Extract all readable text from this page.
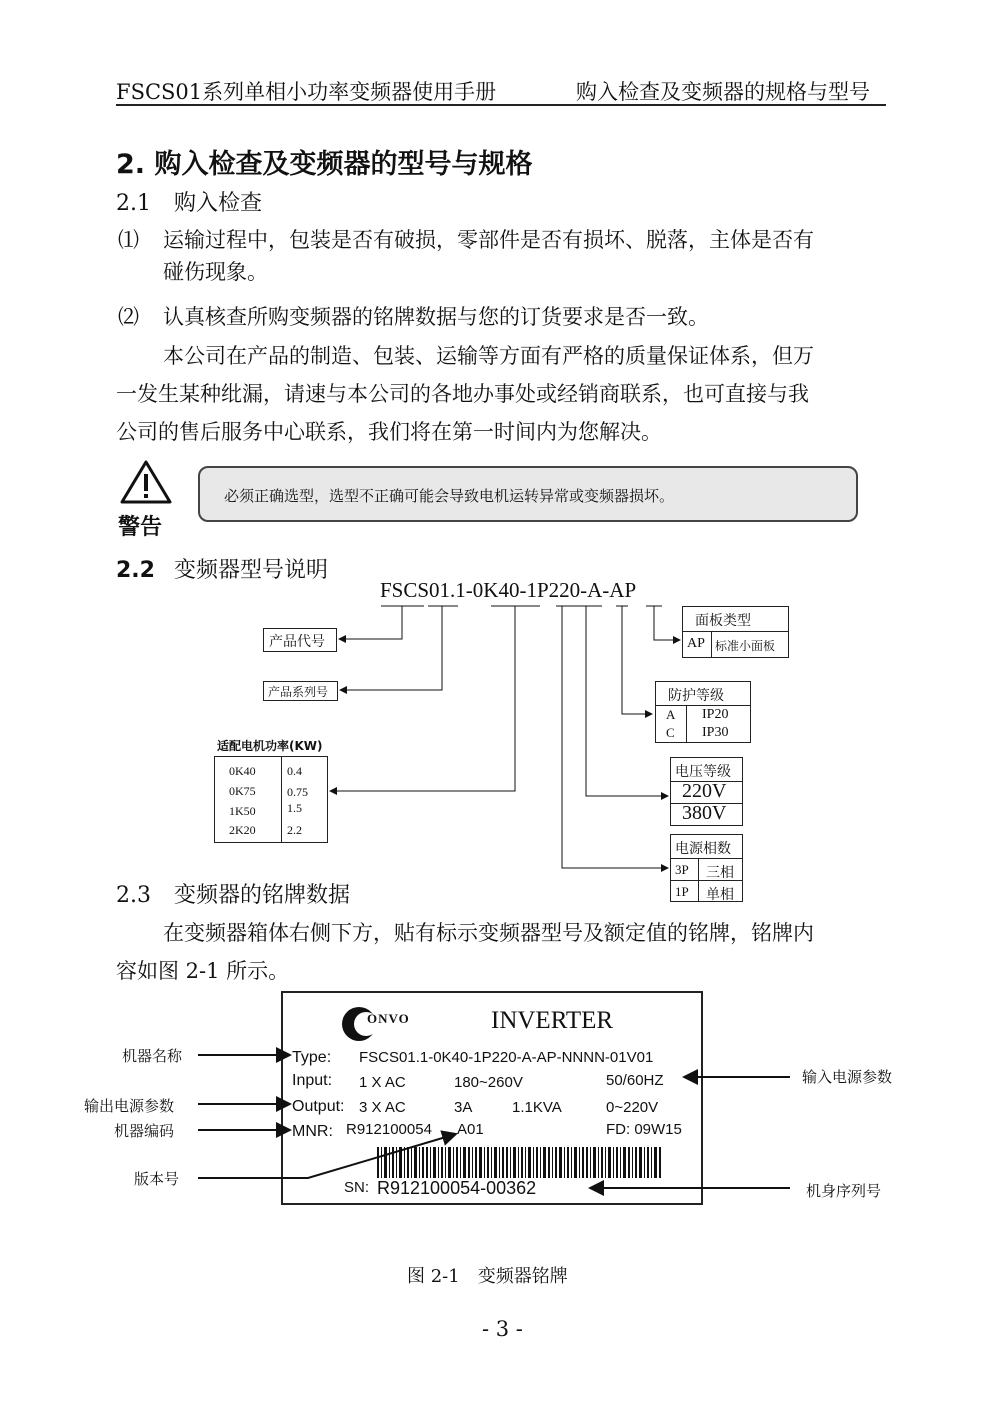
FSCS01系列单相小功率变频器使用手册	购入检查及变频器的规格与型号
2. 购入检查及变频器的型号与规格
2.1 购入检查
⑴ 运输过程中，包装是否有破损，零部件是否有损坏、脱落，主体是否有
碰伤现象。
⑵ 认真核查所购变频器的铭牌数据与您的订货要求是否一致。
本公司在产品的制造、包装、运输等方面有严格的质量保证体系，但万
一发生某种纰漏，请速与本公司的各地办事处或经销商联系，也可直接与我
公司的售后服务中心联系，我们将在第一时间内为您解决。
警告
必须正确选型，选型不正确可能会导致电机运转异常或变频器损坏。
2.2 变频器型号说明
FSCS01.1-0K40-1P220-A-AP
产品代号
产品系列号
适配电机功率(KW)
0K40	0.4
0K75	0.75
1K50	1.5
2K20	2.2
面板类型
AP 标准小面板
防护等级
A IP20
C IP30
电压等级
220V
380V
电源相数
3P 三相
1P 单相
2.3 变频器的铭牌数据
在变频器箱体右侧下方，贴有标示变频器型号及额定值的铭牌，铭牌内
容如图 2-1 所示。
ONVO	INVERTER
Type: FSCS01.1-0K40-1P220-A-AP-NNNN-01V01
Input: 1 X AC	180~260V	50/60HZ
Output: 3 X AC	3A	1.1KVA	0~220V
MNR: R912100054 A01	FD: 09W15
SN: R912100054-00362
机器名称
输出电源参数
机器编码
版本号
输入电源参数
机身序列号
图 2-1　变频器铭牌
- 3 -
